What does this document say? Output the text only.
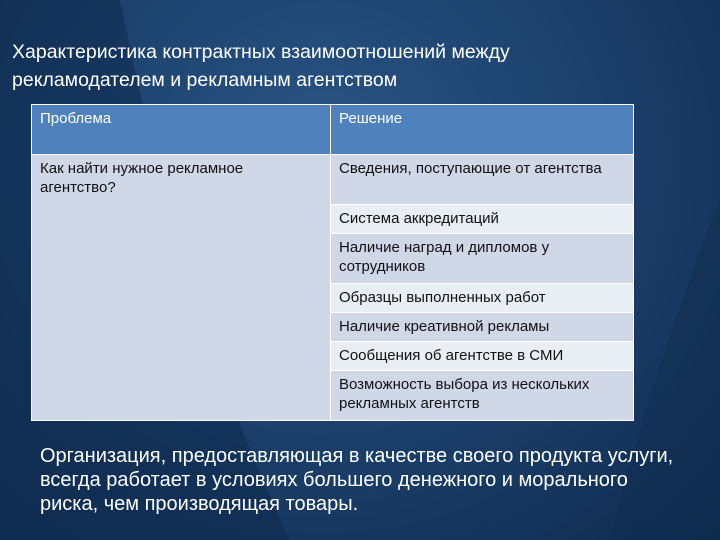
Характеристика контрактных взаимоотношений между
рекламодателем и рекламным агентством
Проблема	Решение
Как найти нужное рекламное агентство?	Сведения, поступающие от агентства
	Система аккредитаций
	Наличие наград и дипломов у сотрудников
	Образцы выполненных работ
	Наличие креативной рекламы
	Сообщения об агентстве в СМИ
	Возможность выбора из нескольких рекламных агентств

Организация, предоставляющая в качестве своего продукта услуги, всегда работает в условиях большего денежного и морального риска, чем производящая товары.
